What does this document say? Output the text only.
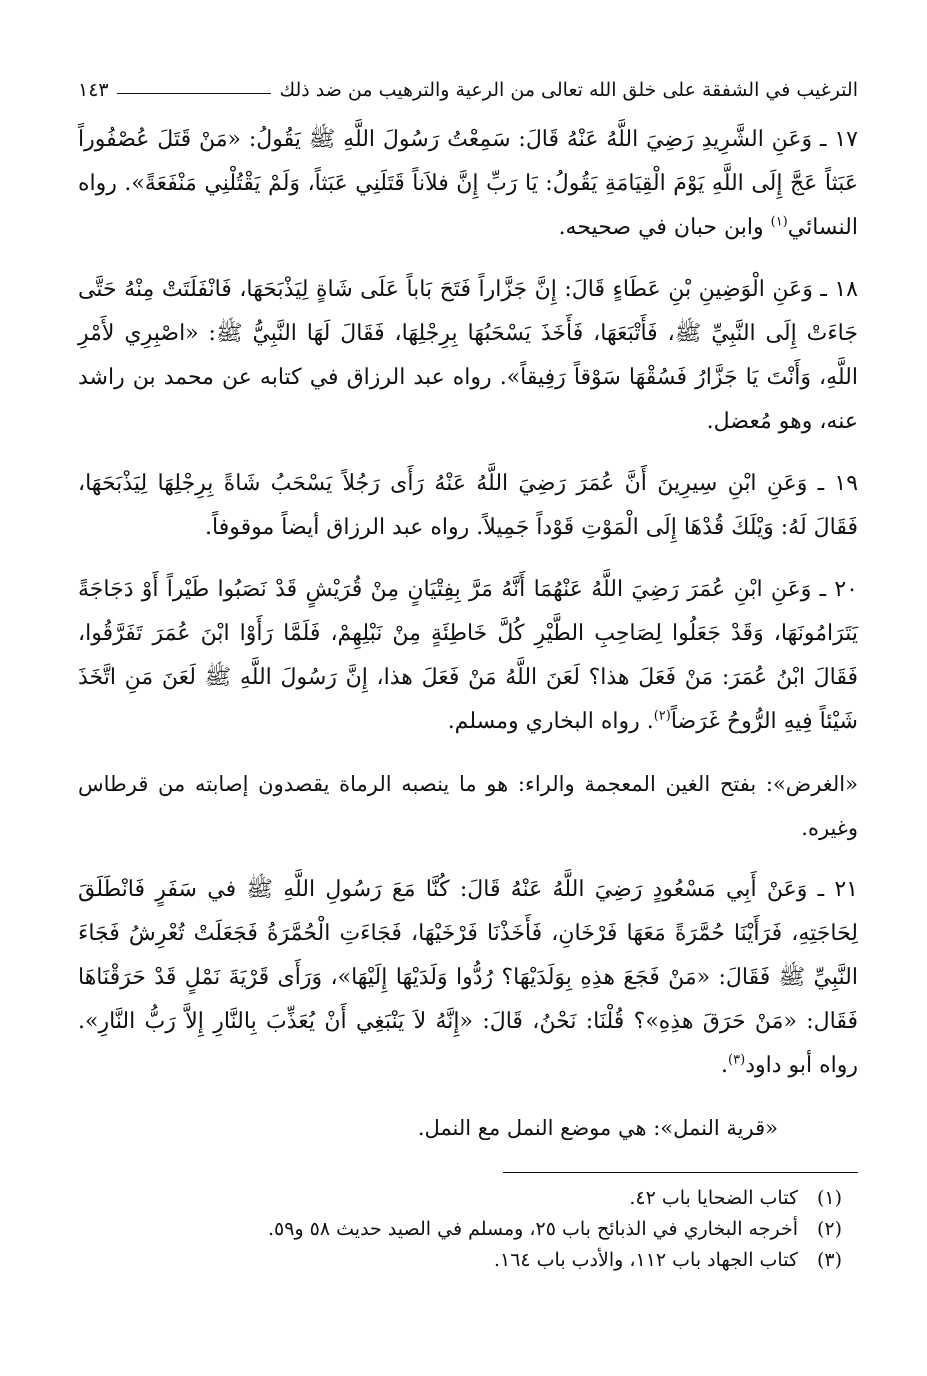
الترغيب في الشفقة على خلق الله تعالى من الرعية والترهيب من ضد ذلك
١٤٣

١٧ ـ وَعَنِ الشَّرِيدِ رَضِيَ اللَّهُ عَنْهُ قَالَ: سَمِعْتُ رَسُولَ اللَّهِ ﷺ يَقُولُ: «مَنْ قَتَلَ عُصْفُوراً عَبَثاً عَجَّ إِلَى اللَّهِ يَوْمَ الْقِيَامَةِ يَقُولُ: يَا رَبِّ إِنَّ فلاَناً قَتَلَنِي عَبَثاً، وَلَمْ يَقْتُلْنِي مَنْفَعَةً». رواه النسائي$^{(١)}$ وابن حبان في صحيحه.

١٨ ـ وَعَنِ الْوَضِينِ بْنِ عَطَاءٍ قَالَ: إِنَّ جَزَّاراً فَتَحَ بَاباً عَلَى شَاةٍ لِيَذْبَحَهَا، فَانْفَلَتَتْ مِنْهُ حَتَّى جَاءَتْ إِلَى النَّبِيِّ ﷺ، فَأَتْبَعَهَا، فَأَخَذَ يَسْحَبُهَا بِرِجْلِهَا، فَقَالَ لَهَا النَّبِيُّ ﷺ: «اصْبِرِي لأَمْرِ اللَّهِ، وَأَنْتَ يَا جَزَّارُ فَسُقْهَا سَوْقاً رَفِيقاً». رواه عبد الرزاق في كتابه عن محمد بن راشد عنه، وهو مُعضل.

١٩ ـ وَعَنِ ابْنِ سِيرِينَ أَنَّ عُمَرَ رَضِيَ اللَّهُ عَنْهُ رَأَى رَجُلاً يَسْحَبُ شَاةً بِرِجْلِهَا لِيَذْبَحَهَا، فَقَالَ لَهُ: وَيْلَكَ قُدْهَا إِلَى الْمَوْتِ قَوْداً جَمِيلاً. رواه عبد الرزاق أيضاً موقوفاً.

٢٠ ـ وَعَنِ ابْنِ عُمَرَ رَضِيَ اللَّهُ عَنْهُمَا أَنَّهُ مَرَّ بِفِتْيَانٍ مِنْ قُرَيْشٍ قَدْ نَصَبُوا طَيْراً أَوْ دَجَاجَةً يَتَرَامُونَهَا، وَقَدْ جَعَلُوا لِصَاحِبِ الطَّيْرِ كُلَّ خَاطِئَةٍ مِنْ نَبْلِهِمْ، فَلَمَّا رَأَوْا ابْنَ عُمَرَ تَفَرَّقُوا، فَقَالَ ابْنُ عُمَرَ: مَنْ فَعَلَ هذا؟ لَعَنَ اللَّهُ مَنْ فَعَلَ هذا، إِنَّ رَسُولَ اللَّهِ ﷺ لَعَنَ مَنِ اتَّخَذَ شَيْئاً فِيهِ الرُّوحُ غَرَضاً$^{(٢)}$. رواه البخاري ومسلم.

«الغرض»: بفتح الغين المعجمة والراء: هو ما ينصبه الرماة يقصدون إصابته من قرطاس وغيره.

٢١ ـ وَعَنْ أَبِي مَسْعُودٍ رَضِيَ اللَّهُ عَنْهُ قَالَ: كُنَّا مَعَ رَسُولِ اللَّهِ ﷺ في سَفَرٍ فَانْطَلَقَ لِحَاجَتِهِ، فَرَأَيْنَا حُمَّرَةً مَعَهَا فَرْخَانِ، فَأَخَذْنَا فَرْخَيْهَا، فَجَاءَتِ الْحُمَّرَةُ فَجَعَلَتْ تُعْرِشُ فَجَاءَ النَّبِيِّ ﷺ فَقَالَ: «مَنْ فَجَعَ هذِهِ بِوَلَدَيْهَا؟ رُدُّوا وَلَدَيْهَا إِلَيْهَا»، وَرَأَى قَرْيَةَ نَمْلٍ قَدْ حَرَقْنَاهَا فَقَال: «مَنْ حَرَقَ هذِهِ»؟ قُلْنَا: نَحْنُ، قَالَ: «إِنَّهُ لاَ يَنْبَغِي أَنْ يُعَذِّبَ بِالنَّارِ إِلاَّ رَبُّ النَّارِ». رواه أبو داود$^{(٣)}$.

«قرية النمل»: هي موضع النمل مع النمل.

(١)كتاب الضحايا باب ٤٢.
(٢)أخرجه البخاري في الذبائح باب ٢٥، ومسلم في الصيد حديث ٥٨ و٥٩.
(٣)كتاب الجهاد باب ١١٢، والأدب باب ١٦٤.
